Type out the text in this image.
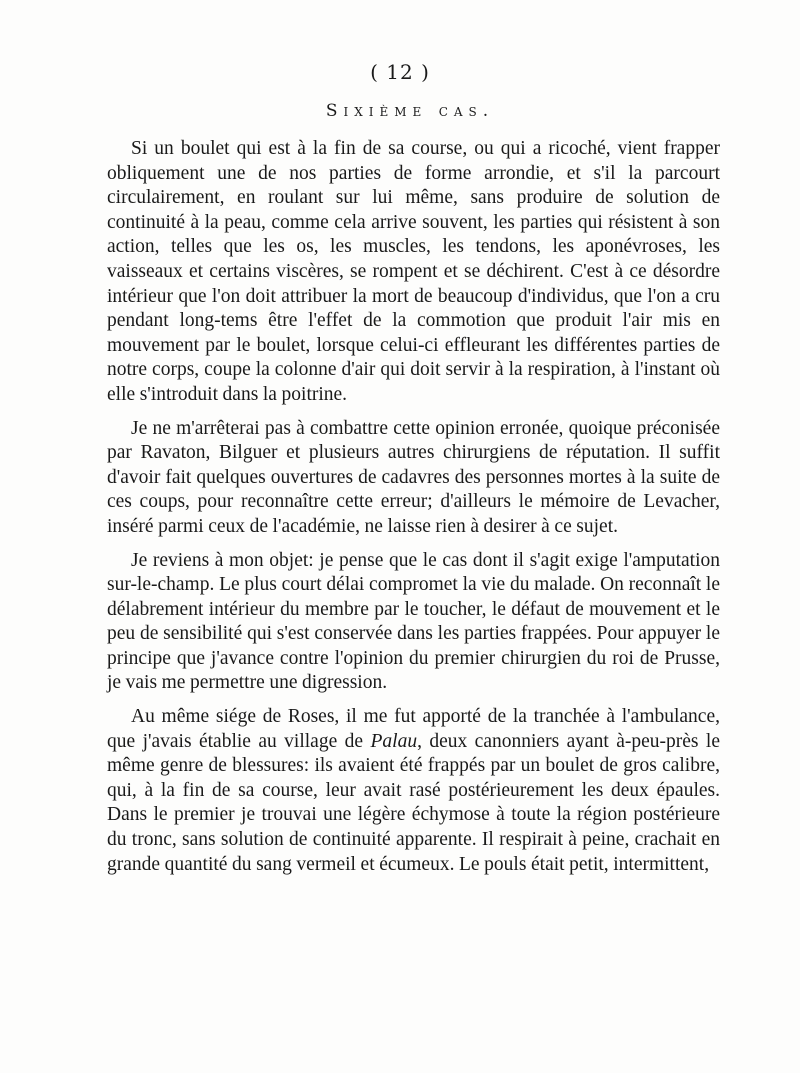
( 12 )
Sixième cas.

Si un boulet qui est à la fin de sa course, ou qui a ricoché, vient frapper obliquement une de nos parties de forme arrondie, et s'il la parcourt circulairement, en roulant sur lui même, sans produire de solution de continuité à la peau, comme cela arrive souvent, les parties qui résistent à son action, telles que les os, les muscles, les tendons, les aponévroses, les vaisseaux et certains viscères, se rompent et se déchirent. C'est à ce désordre intérieur que l'on doit attribuer la mort de beaucoup d'individus, que l'on a cru pendant long-tems être l'effet de la commotion que produit l'air mis en mouvement par le boulet, lorsque celui-ci effleurant les différentes parties de notre corps, coupe la colonne d'air qui doit servir à la respiration, à l'instant où elle s'introduit dans la poitrine.

Je ne m'arrêterai pas à combattre cette opinion erronée, quoique préconisée par Ravaton, Bilguer et plusieurs autres chirurgiens de réputation. Il suffit d'avoir fait quelques ouvertures de cadavres des personnes mortes à la suite de ces coups, pour reconnaître cette erreur; d'ailleurs le mémoire de Levacher, inséré parmi ceux de l'académie, ne laisse rien à desirer à ce sujet.

Je reviens à mon objet: je pense que le cas dont il s'agit exige l'amputation sur-le-champ. Le plus court délai compromet la vie du malade. On reconnaît le délabrement intérieur du membre par le toucher, le défaut de mouvement et le peu de sensibilité qui s'est conservée dans les parties frappées. Pour appuyer le principe que j'avance contre l'opinion du premier chirurgien du roi de Prusse, je vais me permettre une digression.

Au même siége de Roses, il me fut apporté de la tranchée à l'ambulance, que j'avais établie au village de Palau, deux canonniers ayant à-peu-près le même genre de blessures: ils avaient été frappés par un boulet de gros calibre, qui, à la fin de sa course, leur avait rasé postérieurement les deux épaules. Dans le premier je trouvai une légère échymose à toute la région postérieure du tronc, sans solution de continuité apparente. Il respirait à peine, crachait en grande quantité du sang vermeil et écumeux. Le pouls était petit, intermittent,
